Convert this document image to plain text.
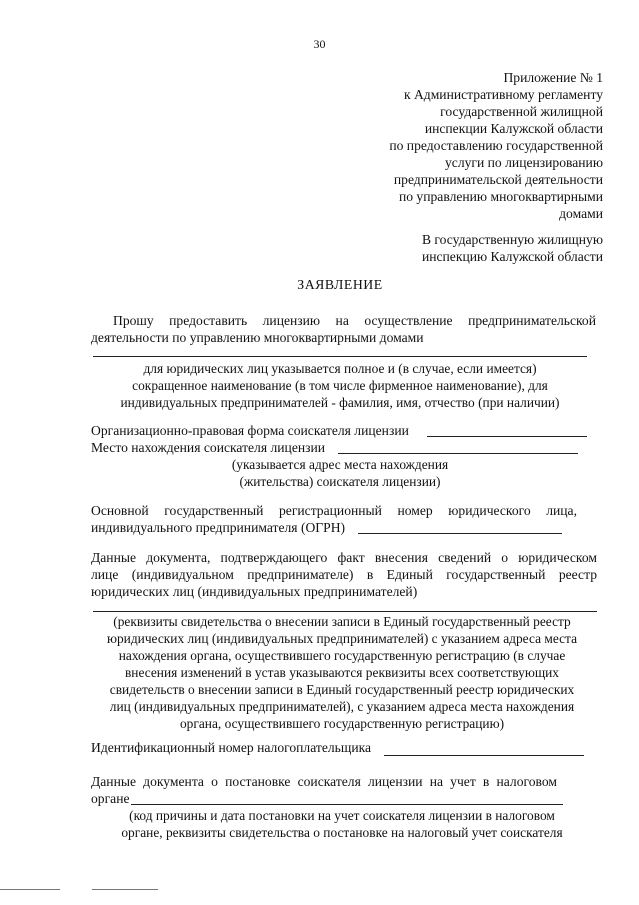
30
Приложение № 1
к Административному регламенту
государственной жилищной
инспекции Калужской области
по предоставлению государственной
услуги по лицензированию
предпринимательской деятельности
по управлению многоквартирными
домами
В государственную жилищную
инспекцию Калужской области
ЗАЯВЛЕНИЕ
Прошу предоставить лицензию на осуществление предпринимательской
деятельности по управлению многоквартирными домами
для юридических лиц указывается полное и (в случае, если имеется)
сокращенное наименование (в том числе фирменное наименование), для
индивидуальных предпринимателей - фамилия, имя, отчество (при наличии)
Организационно-правовая форма соискателя лицензии
Место нахождения соискателя лицензии
(указывается адрес места нахождения
(жительства) соискателя лицензии)
Основной государственный регистрационный номер юридического лица,
индивидуального предпринимателя (ОГРН)
Данные документа, подтверждающего факт внесения сведений о юридическом
лице (индивидуальном предпринимателе) в Единый государственный реестр
юридических лиц (индивидуальных предпринимателей)
(реквизиты свидетельства о внесении записи в Единый государственный реестр
юридических лиц (индивидуальных предпринимателей) с указанием адреса места
нахождения органа, осуществившего государственную регистрацию (в случае
внесения изменений в устав указываются реквизиты всех соответствующих
свидетельств о внесении записи в Единый государственный реестр юридических
лиц (индивидуальных предпринимателей), с указанием адреса места нахождения
органа, осуществившего государственную регистрацию)
Идентификационный номер налогоплательщика
Данные документа о постановке соискателя лицензии на учет в налоговом
органе
(код причины и дата постановки на учет соискателя лицензии в налоговом
органе, реквизиты свидетельства о постановке на налоговый учет соискателя
